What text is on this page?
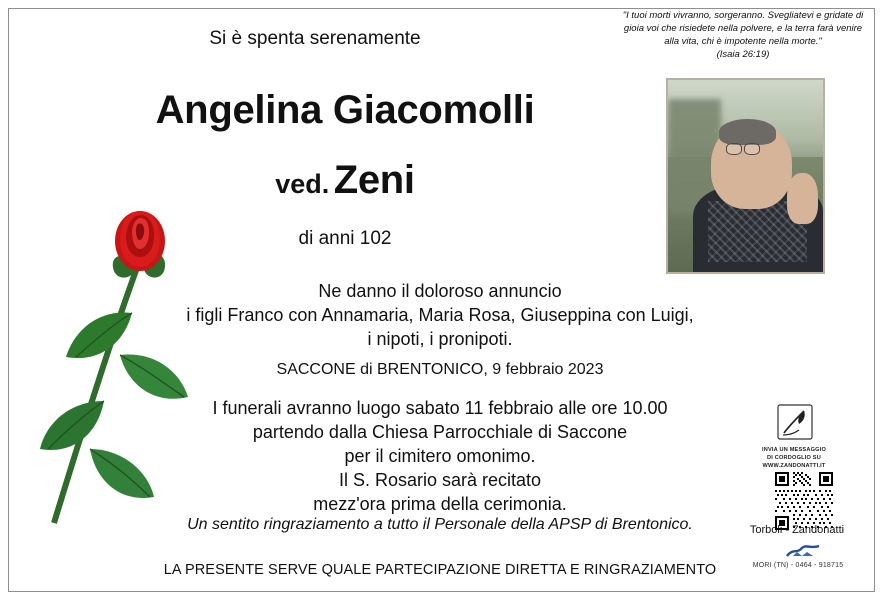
"I tuoi morti vivranno, sorgeranno. Svegliatevi e gridate di gioia voi che risiedete nella polvere, e la terra farà venire alla vita, chi è impotente nella morte."
(Isaia 26:19)
Si è spenta serenamente
Angelina Giacomolli
ved. Zeni
di anni 102
Ne danno il doloroso annuncio
i figli Franco con Annamaria, Maria Rosa, Giuseppina con Luigi,
i nipoti, i pronipoti.
SACCONE di BRENTONICO, 9 febbraio 2023
I funerali avranno luogo sabato 11 febbraio alle ore 10.00
partendo dalla Chiesa Parrocchiale di Saccone
per il cimitero omonimo.
Il S. Rosario sarà recitato
mezz'ora prima della cerimonia.
Un sentito ringraziamento a tutto il Personale della APSP di Brentonico.
LA PRESENTE SERVE QUALE PARTECIPAZIONE DIRETTA E RINGRAZIAMENTO
INVIA UN MESSAGGIO
DI CORDOGLIO SU
WWW.ZANDONATTI.IT
Torboli - Zandonatti
MORI (TN) - 0464 - 918715
